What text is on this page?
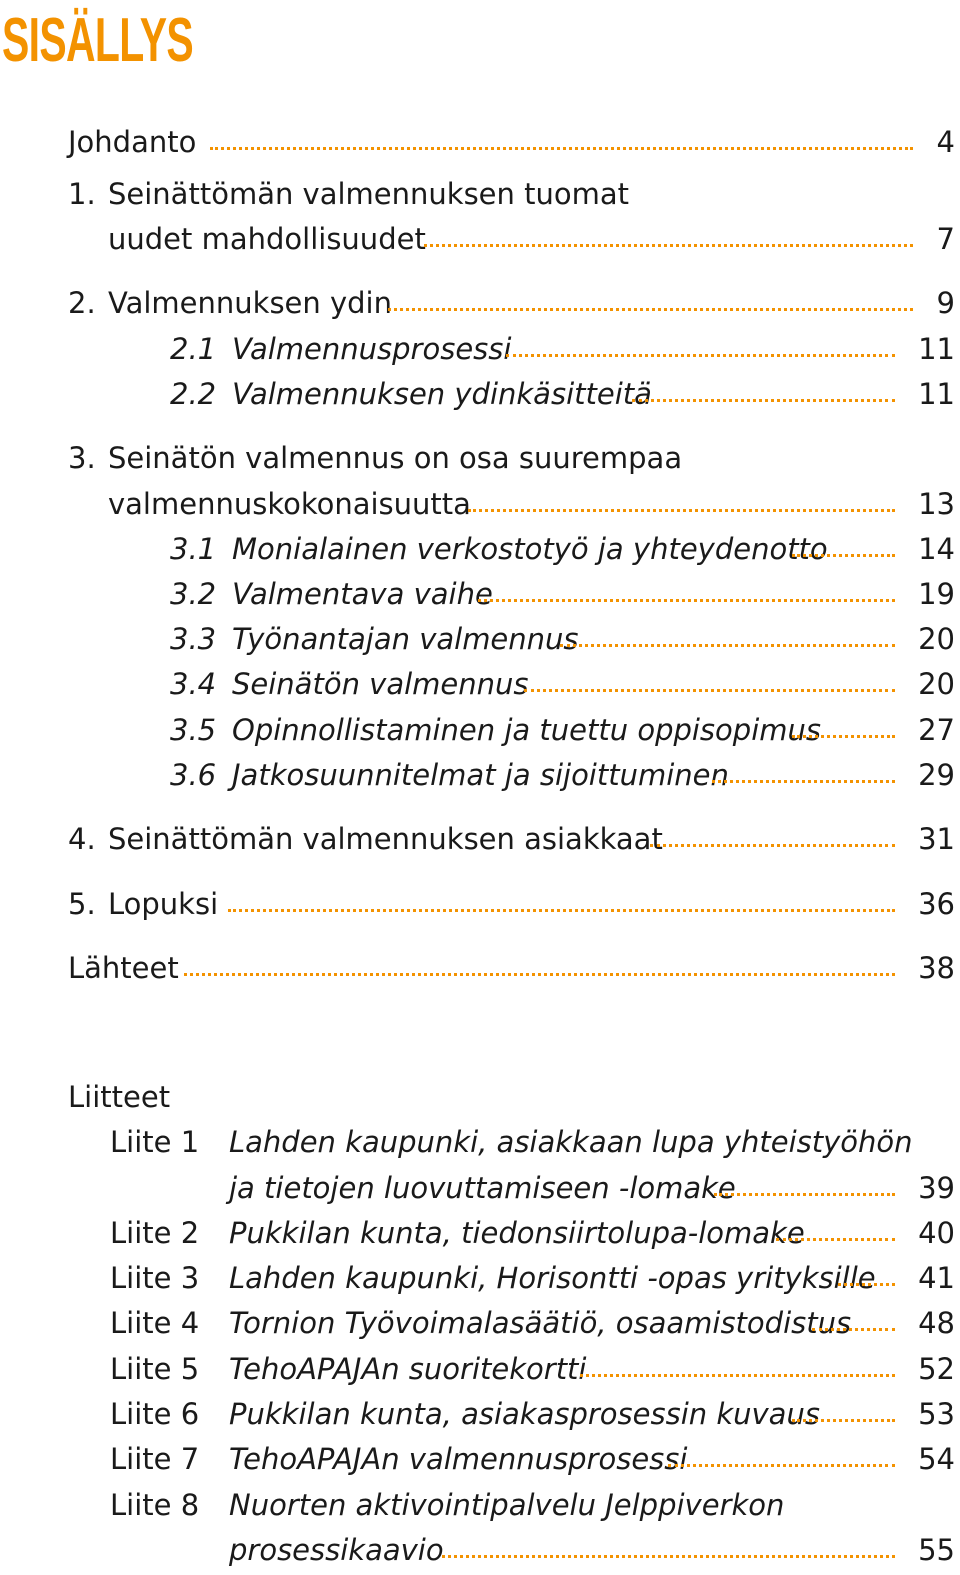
SISÄLLYS
Johdanto	4
1. Seinättömän valmennuksen tuomat
uudet mahdollisuudet	7
2. Valmennuksen ydin	9
2.1 Valmennusprosessi	11
2.2 Valmennuksen ydinkäsitteitä	11
3. Seinätön valmennus on osa suurempaa
valmennuskokonaisuutta	13
3.1 Monialainen verkostotyö ja yhteydenotto	14
3.2 Valmentava vaihe	19
3.3 Työnantajan valmennus	20
3.4 Seinätön valmennus	20
3.5 Opinnollistaminen ja tuettu oppisopimus	27
3.6 Jatkosuunnitelmat ja sijoittuminen	29
4. Seinättömän valmennuksen asiakkaat	31
5. Lopuksi	36
Lähteet	38
Liitteet
Liite 1 Lahden kaupunki, asiakkaan lupa yhteistyöhön
ja tietojen luovuttamiseen -lomake	39
Liite 2 Pukkilan kunta, tiedonsiirtolupa-lomake	40
Liite 3 Lahden kaupunki, Horisontti -opas yrityksille 41
Liite 4 Tornion Työvoimalasäätiö, osaamistodistus 48
Liite 5 TehoAPAJAn suoritekortti	52
Liite 6 Pukkilan kunta, asiakasprosessin kuvaus	53
Liite 7 TehoAPAJAn valmennusprosessi	54
Liite 8 Nuorten aktivointipalvelu Jelppiverkon
prosessikaavio	55
